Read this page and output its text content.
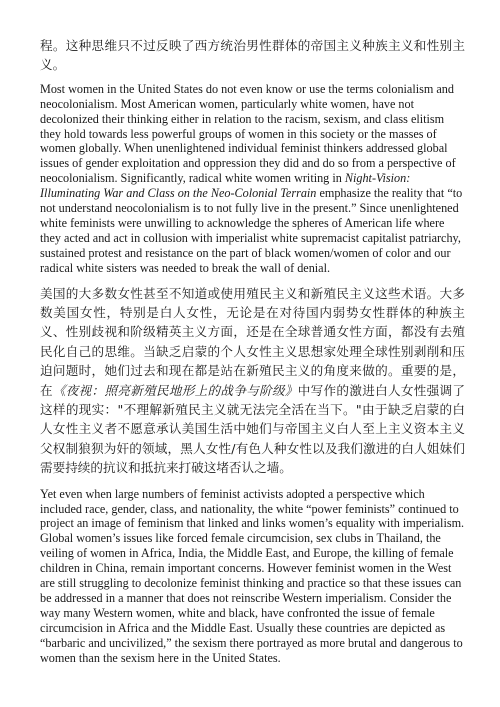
程。这种思维只不过反映了西方统治男性群体的帝国主义种族主义和性别主义。

Most women in the United States do not even know or use the terms colonialism and neocolonialism. Most American women, particularly white women, have not decolonized their thinking either in relation to the racism, sexism, and class elitism they hold towards less powerful groups of women in this society or the masses of women globally. When unenlightened individual feminist thinkers addressed global issues of gender exploitation and oppression they did and do so from a perspective of neocolonialism. Significantly, radical white women writing in Night-Vision: Illuminating War and Class on the Neo-Colonial Terrain emphasize the reality that “to not understand neocolonialism is to not fully live in the present.” Since unenlightened white feminists were unwilling to acknowledge the spheres of American life where they acted and act in collusion with imperialist white supremacist capitalist patriarchy, sustained protest and resistance on the part of black women/women of color and our radical white sisters was needed to break the wall of denial.

美国的大多数女性甚至不知道或使用殖民主义和新殖民主义这些术语。大多数美国女性，特别是白人女性，无论是在对待国内弱势女性群体的种族主义、性别歧视和阶级精英主义方面，还是在全球普通女性方面，都没有去殖民化自己的思维。当缺乏启蒙的个人女性主义思想家处理全球性别剥削和压迫问题时，她们过去和现在都是站在新殖民主义的角度来做的。重要的是，在《夜视：照亮新殖民地形上的战争与阶级》中写作的激进白人女性强调了这样的现实："不理解新殖民主义就无法完全活在当下。"由于缺乏启蒙的白人女性主义者不愿意承认美国生活中她们与帝国主义白人至上主义资本主义父权制狼狈为奸的领域，黑人女性/有色人种女性以及我们激进的白人姐妹们需要持续的抗议和抵抗来打破这堵否认之墙。

Yet even when large numbers of feminist activists adopted a perspective which included race, gender, class, and nationality, the white “power feminists” continued to project an image of feminism that linked and links women’s equality with imperialism. Global women’s issues like forced female circumcision, sex clubs in Thailand, the veiling of women in Africa, India, the Middle East, and Europe, the killing of female children in China, remain important concerns. However feminist women in the West are still struggling to decolonize feminist thinking and practice so that these issues can be addressed in a manner that does not reinscribe Western imperialism. Consider the way many Western women, white and black, have confronted the issue of female circumcision in Africa and the Middle East. Usually these countries are depicted as “barbaric and uncivilized,” the sexism there portrayed as more brutal and dangerous to women than the sexism here in the United States.
